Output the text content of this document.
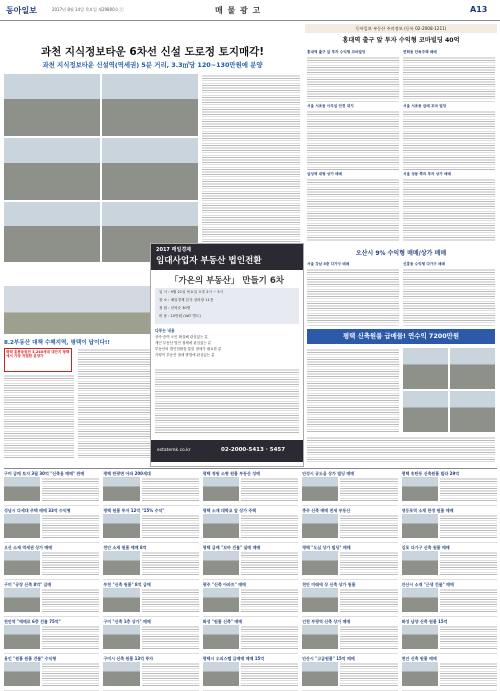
동아일보	2017년 8월 14일 목요일 제29800호 ⓒ	매 물 광 고	A13
과천 지식정보타운 6차선 신설 도로정 토지매각!
과천 지식정보타운 신설역(역세권) 5분 거리, 3.3㎡당 120~130만원에 분양
8.2부동산 대책 수혜지역, 평택이 답이다!!
평택 흥봉동원천 3,240세대 대단지 평택에서 가장 저렴한 분양가
2017 매일경제
임대사업자 부동산 법인전환
「가온의 부동산」 만들기 6차
일 시 : 9월 21일 목요일 오후 2시 ~ 5시
장 소 : 매일경제 본사 강의장 11층
정 원 : 선착순 30명
비 용 : 10만원 (VAT 별도)
다루는 내용
상속·증여 오인 확실해 관심있는 분
개인 부동산 법인 절세에 관심있는 분
부동산의 법인전환을 통한 절세가 필요한 분
가평이 부동산 절세 방법에 관심있는 분
estatemk.co.kr	02-2000-5413 · 5457
동아일보 부동산 주의정보 (등록 02-2008-1211)
홍대역 출구 앞 투자 수익형 코마빌딩 40억
홍대역 출구 앞 투자 수익형 코마빌딩	연희동 단독주택 매매
서울 서초동 사무실 안전 대지	서울 서초동 급매 꼬마 빌딩
삼성역 대형 상가 매매	서울 성동 쪽의 투자 상가 매매
오산시 9% 수익형 매매/상가 매매
서울 강남 5층 다가구 매매	신흥동 수익형 다가구 매매
평택 신축원룸 급매물! 연수익 7200만원
구미 급매 토지 3필 30억 "신축용 매매" 판매	평택 탄광면 아파 200세대	평택 청원 소형 원룸 부동산 성매	안성시 공도읍 상가 빌딩 매매	평택 송탄동 신축원룸 빌라 29억
성남시 다세대 주택 매매 33억 수익형	평택 원룸 투자 12억 "15% 수익"	평택 소재 대학교 앞 상가 주택	충주 신축 매매 전세 부동산	영등포역 소재 한정 원룸 매매
오산 소재 역세권 상가 매매	천안 소재 원룸 매매 8억	평택 급매 "꼬마 건물" 실매 매매	평택 "도심 상가 빌딩" 매매	김포 다가구 신축 원룸 매매
구미 "공장 신축 8억" 급매	부천 "신축 원룸" 8억 급매	광주 "신축 아파트" 매매	천안 미래에 상 신축 상가 원룸	안산시 소재 "근생 건물" 매매
천안역 "매매로 6층 건물 75억"	구미 "신축 1층 상가" 매매	화성 "원룸 신축" 매매	인천 부평역 신축 상가 매매	화성 남양 신축 원룸 15억
용인 "원룸 원룸 건물" 수익형	구미시 신축 원룸 13억 투자	평택시 오피스텔 급매매 매매 15억	안산시 "고급원룸" 15억 매매	천안 신축 원룸 매매
